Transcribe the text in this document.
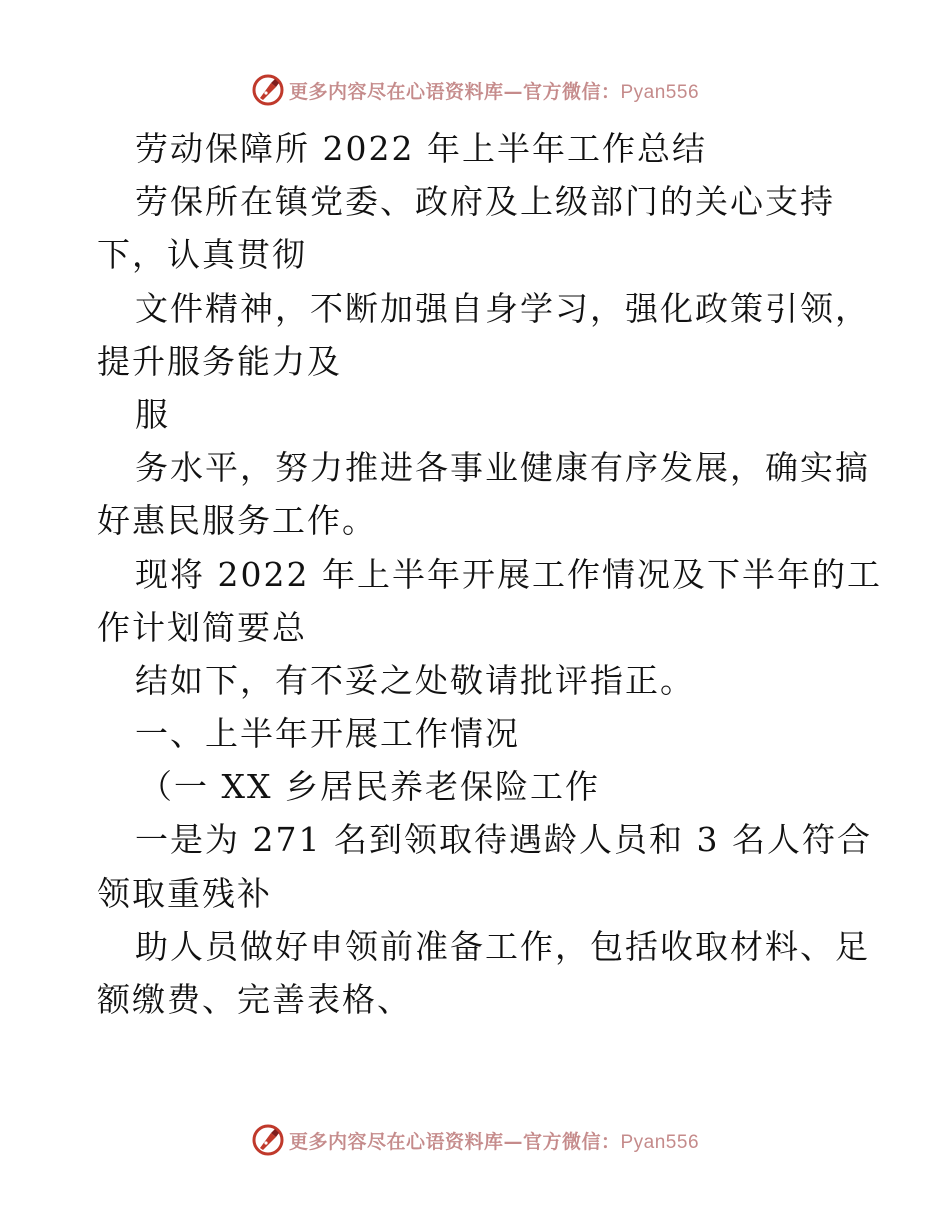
更多内容尽在心语资料库—官方微信：Pyan556
劳动保障所 2022 年上半年工作总结
劳保所在镇党委、政府及上级部门的关心支持
下，认真贯彻
文件精神，不断加强自身学习，强化政策引领，
提升服务能力及
服
务水平，努力推进各事业健康有序发展，确实搞
好惠民服务工作。
现将 2022 年上半年开展工作情况及下半年的工
作计划简要总
结如下，有不妥之处敬请批评指正。
一、上半年开展工作情况
（一 XX 乡居民养老保险工作
一是为 271 名到领取待遇龄人员和 3 名人符合
领取重残补
助人员做好申领前准备工作，包括收取材料、足
额缴费、完善表格、
更多内容尽在心语资料库—官方微信：Pyan556
